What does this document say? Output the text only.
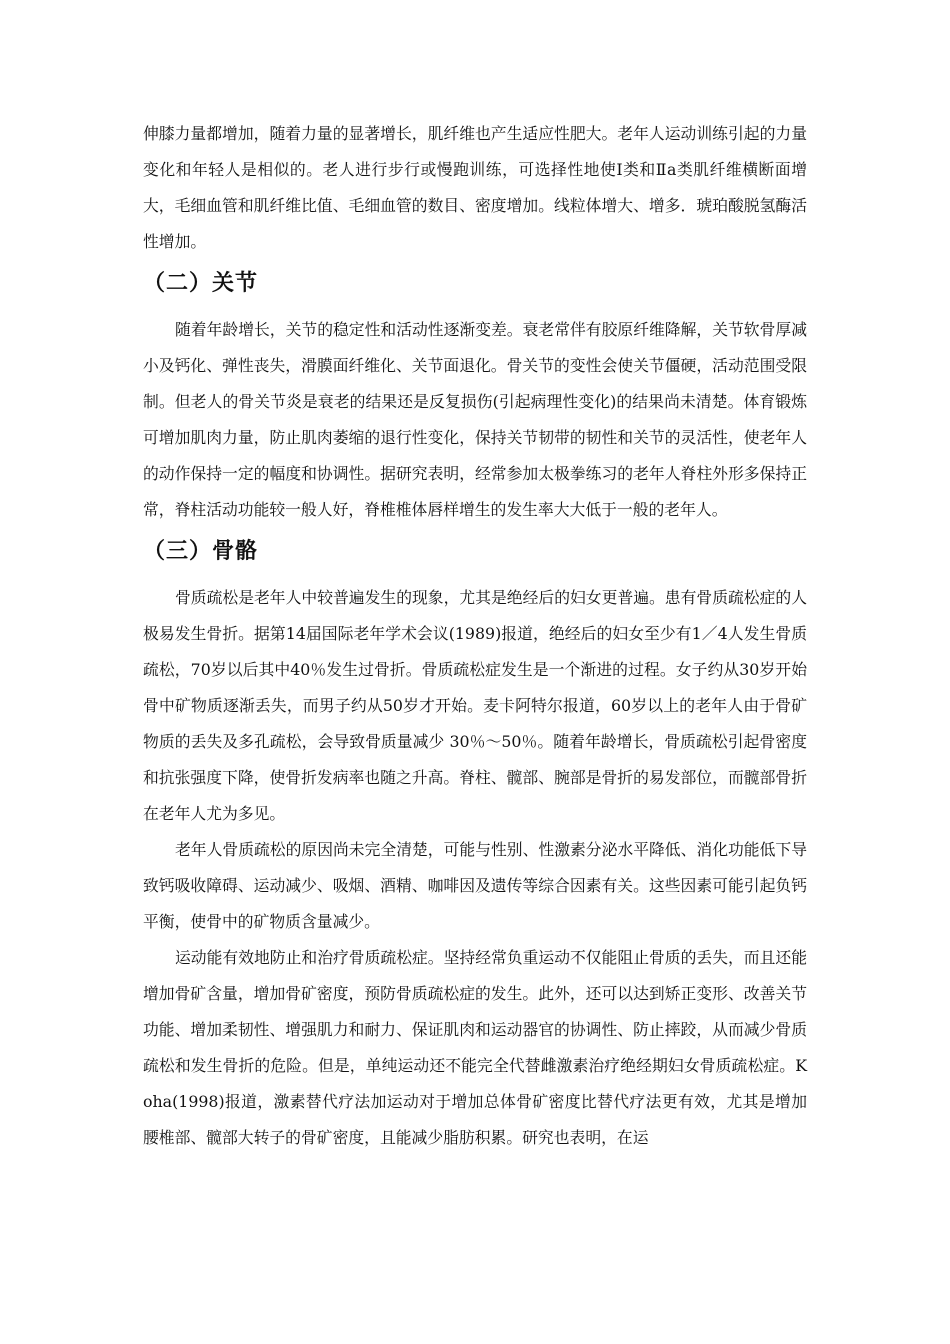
伸膝力量都增加，随着力量的显著增长，肌纤维也产生适应性肥大。老年人运动训练引起的力量变化和年轻人是相似的。老人进行步行或慢跑训练，可选择性地使Ⅰ类和Ⅱa类肌纤维横断面增大，毛细血管和肌纤维比值、毛细血管的数目、密度增加。线粒体增大、增多．琥珀酸脱氢酶活性增加。

（二）关节

随着年龄增长，关节的稳定性和活动性逐渐变差。衰老常伴有胶原纤维降解，关节软骨厚减小及钙化、弹性丧失，滑膜面纤维化、关节面退化。骨关节的变性会使关节僵硬，活动范围受限制。但老人的骨关节炎是衰老的结果还是反复损伤(引起病理性变化)的结果尚未清楚。体育锻炼可增加肌肉力量，防止肌肉萎缩的退行性变化，保持关节韧带的韧性和关节的灵活性，使老年人的动作保持一定的幅度和协调性。据研究表明，经常参加太极拳练习的老年人脊柱外形多保持正常，脊柱活动功能较一般人好，脊椎椎体唇样增生的发生率大大低于一般的老年人。

（三）骨骼

骨质疏松是老年人中较普遍发生的现象，尤其是绝经后的妇女更普遍。患有骨质疏松症的人极易发生骨折。据第14届国际老年学术会议(1989)报道，绝经后的妇女至少有1／4人发生骨质疏松，70岁以后其中40％发生过骨折。骨质疏松症发生是一个渐进的过程。女子约从30岁开始骨中矿物质逐渐丢失，而男子约从50岁才开始。麦卡阿特尔报道，60岁以上的老年人由于骨矿物质的丢失及多孔疏松，会导致骨质量减少 30％～50％。随着年龄增长，骨质疏松引起骨密度和抗张强度下降，使骨折发病率也随之升高。脊柱、髋部、腕部是骨折的易发部位，而髋部骨折在老年人尤为多见。

老年人骨质疏松的原因尚未完全清楚，可能与性别、性激素分泌水平降低、消化功能低下导致钙吸收障碍、运动减少、吸烟、酒精、咖啡因及遗传等综合因素有关。这些因素可能引起负钙平衡，使骨中的矿物质含量减少。

运动能有效地防止和治疗骨质疏松症。坚持经常负重运动不仅能阻止骨质的丢失，而且还能增加骨矿含量，增加骨矿密度，预防骨质疏松症的发生。此外，还可以达到矫正变形、改善关节功能、增加柔韧性、增强肌力和耐力、保证肌肉和运动器官的协调性、防止摔跤，从而减少骨质疏松和发生骨折的危险。但是，单纯运动还不能完全代替雌激素治疗绝经期妇女骨质疏松症。Koha(1998)报道，激素替代疗法加运动对于增加总体骨矿密度比替代疗法更有效，尤其是增加腰椎部、髋部大转子的骨矿密度，且能减少脂肪积累。研究也表明，在运
